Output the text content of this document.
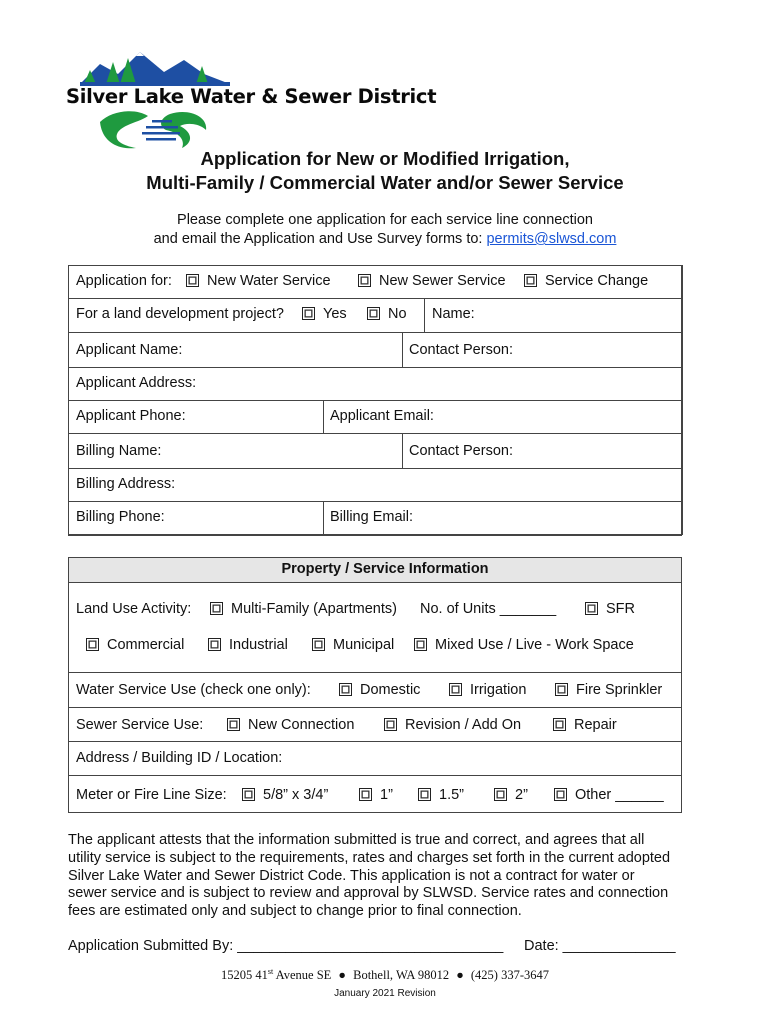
Silver Lake Water & Sewer District
Application for New or Modified Irrigation,
Multi-Family / Commercial Water and/or Sewer Service
Please complete one application for each service line connection
and email the Application and Use Survey forms to: permits@slwsd.com
Application for:	New Water Service	New Sewer Service	Service Change
For a land development project?	Yes	No Name:
Applicant Name:	Contact Person:
Applicant Address:
Applicant Phone:	Applicant Email:
Billing Name:	Contact Person:
Billing Address:
Billing Phone:	Billing Email:
Property / Service Information
Land Use Activity:	Multi-Family (Apartments) No. of Units _______	SFR
Commercial	Industrial	Municipal	Mixed Use / Live - Work Space
Water Service Use (check one only):	Domestic	Irrigation	Fire Sprinkler
Sewer Service Use:	New Connection	Revision / Add On	Repair
Address / Building ID / Location:
Meter or Fire Line Size:	5/8” x 3/4”	1”	1.5”	2”	Other ______
The applicant attests that the information submitted is true and correct, and agrees that all
utility service is subject to the requirements, rates and charges set forth in the current adopted
Silver Lake Water and Sewer District Code. This application is not a contract for water or
sewer service and is subject to review and approval by SLWSD. Service rates and connection
fees are estimated only and subject to change prior to final connection.
Application Submitted By: _________________________________ Date: ______________
15205 41st Avenue SE ● Bothell, WA 98012 ● (425) 337-3647
January 2021 Revision
